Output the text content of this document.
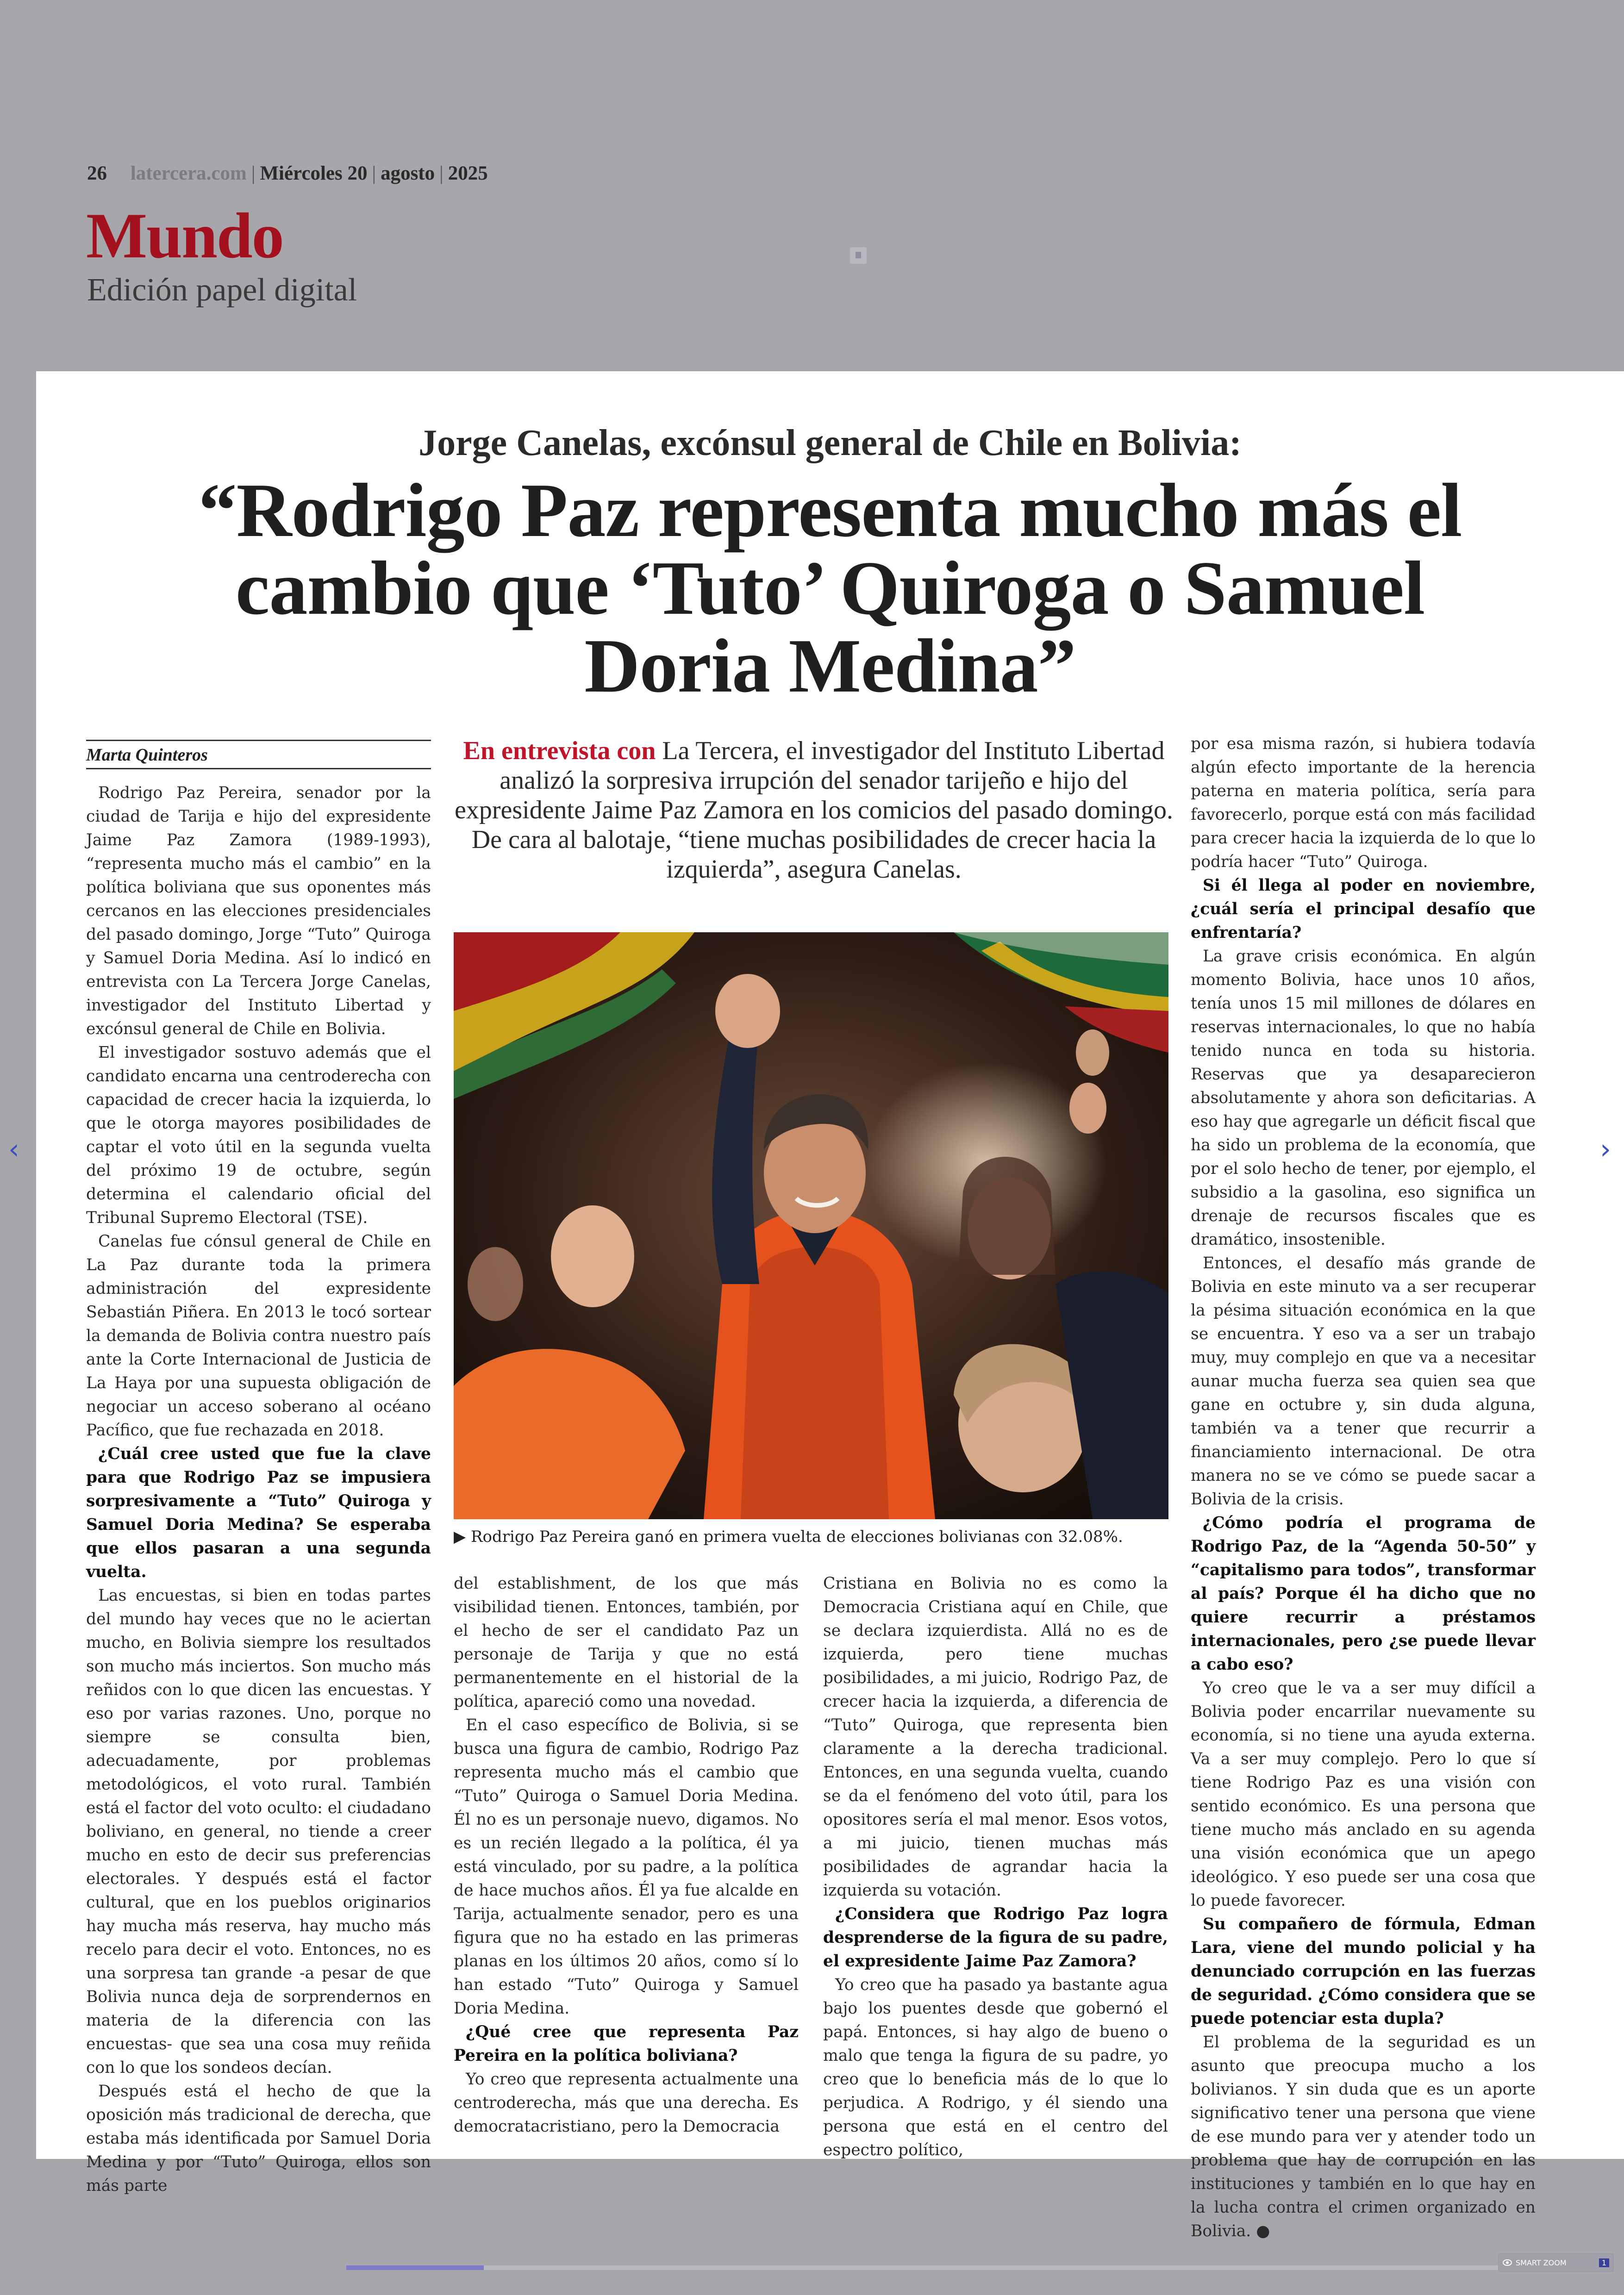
26 latercera.com | Miércoles 20 | agosto | 2025
Mundo
Edición papel digital
Jorge Canelas, excónsul general de Chile en Bolivia:
“Rodrigo Paz representa mucho más el cambio que ‘Tuto’ Quiroga o Samuel Doria Medina”
Marta Quinteros

Rodrigo Paz Pereira, senador por la ciudad de Tarija e hijo del expresidente Jaime Paz Zamora (1989-1993), “representa mucho más el cambio” en la política boliviana que sus oponentes más cercanos en las elecciones presidenciales del pasado domingo, Jorge “Tuto” Quiroga y Samuel Doria Medina. Así lo indicó en entrevista con La Tercera Jorge Canelas, investigador del Instituto Libertad y excónsul general de Chile en Bolivia.

El investigador sostuvo además que el candidato encarna una centroderecha con capacidad de crecer hacia la izquierda, lo que le otorga mayores posibilidades de captar el voto útil en la segunda vuelta del próximo 19 de octubre, según determina el calendario oficial del Tribunal Supremo Electoral (TSE).

Canelas fue cónsul general de Chile en La Paz durante toda la primera administración del expresidente Sebastián Piñera. En 2013 le tocó sortear la demanda de Bolivia contra nuestro país ante la Corte Internacional de Justicia de La Haya por una supuesta obligación de negociar un acceso soberano al océano Pacífico, que fue rechazada en 2018.

¿Cuál cree usted que fue la clave para que Rodrigo Paz se impusiera sorpresivamente a “Tuto” Quiroga y Samuel Doria Medina? Se esperaba que ellos pasaran a una segunda vuelta.

Las encuestas, si bien en todas partes del mundo hay veces que no le aciertan mucho, en Bolivia siempre los resultados son mucho más inciertos. Son mucho más reñidos con lo que dicen las encuestas. Y eso por varias razones. Uno, porque no siempre se consulta bien, adecuadamente, por problemas metodológicos, el voto rural. También está el factor del voto oculto: el ciudadano boliviano, en general, no tiende a creer mucho en esto de decir sus preferencias electorales. Y después está el factor cultural, que en los pueblos originarios hay mucha más reserva, hay mucho más recelo para decir el voto. Entonces, no es una sorpresa tan grande -a pesar de que Bolivia nunca deja de sorprendernos en materia de la diferencia con las encuestas- que sea una cosa muy reñida con lo que los sondeos decían.

Después está el hecho de que la oposición más tradicional de derecha, que estaba más identificada por Samuel Doria Medina y por “Tuto” Quiroga, ellos son más parte

En entrevista con La Tercera, el investigador del Instituto Libertad analizó la sorpresiva irrupción del senador tarijeño e hijo del expresidente Jaime Paz Zamora en los comicios del pasado domingo. De cara al balotaje, “tiene muchas posibilidades de crecer hacia la izquierda”, asegura Canelas.
▶ Rodrigo Paz Pereira ganó en primera vuelta de elecciones bolivianas con 32.08%.

del establishment, de los que más visibilidad tienen. Entonces, también, por el hecho de ser el candidato Paz un personaje de Tarija y que no está permanentemente en el historial de la política, apareció como una novedad.

En el caso específico de Bolivia, si se busca una figura de cambio, Rodrigo Paz representa mucho más el cambio que “Tuto” Quiroga o Samuel Doria Medina. Él no es un personaje nuevo, digamos. No es un recién llegado a la política, él ya está vinculado, por su padre, a la política de hace muchos años. Él ya fue alcalde en Tarija, actualmente senador, pero es una figura que no ha estado en las primeras planas en los últimos 20 años, como sí lo han estado “Tuto” Quiroga y Samuel Doria Medina.

¿Qué cree que representa Paz Pereira en la política boliviana?

Yo creo que representa actualmente una centroderecha, más que una derecha. Es democratacristiano, pero la Democracia

Cristiana en Bolivia no es como la Democracia Cristiana aquí en Chile, que se declara izquierdista. Allá no es de izquierda, pero tiene muchas posibilidades, a mi juicio, Rodrigo Paz, de crecer hacia la izquierda, a diferencia de “Tuto” Quiroga, que representa bien claramente a la derecha tradicional. Entonces, en una segunda vuelta, cuando se da el fenómeno del voto útil, para los opositores sería el mal menor. Esos votos, a mi juicio, tienen muchas más posibilidades de agrandar hacia la izquierda su votación.

¿Considera que Rodrigo Paz logra desprenderse de la figura de su padre, el expresidente Jaime Paz Zamora?

Yo creo que ha pasado ya bastante agua bajo los puentes desde que gobernó el papá. Entonces, si hay algo de bueno o malo que tenga la figura de su padre, yo creo que lo beneficia más de lo que lo perjudica. A Rodrigo, y él siendo una persona que está en el centro del espectro político,

por esa misma razón, si hubiera todavía algún efecto importante de la herencia paterna en materia política, sería para favorecerlo, porque está con más facilidad para crecer hacia la izquierda de lo que lo podría hacer “Tuto” Quiroga.

Si él llega al poder en noviembre, ¿cuál sería el principal desafío que enfrentaría?

La grave crisis económica. En algún momento Bolivia, hace unos 10 años, tenía unos 15 mil millones de dólares en reservas internacionales, lo que no había tenido nunca en toda su historia. Reservas que ya desaparecieron absolutamente y ahora son deficitarias. A eso hay que agregarle un déficit fiscal que ha sido un problema de la economía, que por el solo hecho de tener, por ejemplo, el subsidio a la gasolina, eso significa un drenaje de recursos fiscales que es dramático, insostenible.

Entonces, el desafío más grande de Bolivia en este minuto va a ser recuperar la pésima situación económica en la que se encuentra. Y eso va a ser un trabajo muy, muy complejo en que va a necesitar aunar mucha fuerza sea quien sea que gane en octubre y, sin duda alguna, también va a tener que recurrir a financiamiento internacional. De otra manera no se ve cómo se puede sacar a Bolivia de la crisis.

¿Cómo podría el programa de Rodrigo Paz, de la “Agenda 50-50” y “capitalismo para todos”, transformar al país? Porque él ha dicho que no quiere recurrir a préstamos internacionales, pero ¿se puede llevar a cabo eso?

Yo creo que le va a ser muy difícil a Bolivia poder encarrilar nuevamente su economía, si no tiene una ayuda externa. Va a ser muy complejo. Pero lo que sí tiene Rodrigo Paz es una visión con sentido económico. Es una persona que tiene mucho más anclado en su agenda una visión económica que un apego ideológico. Y eso puede ser una cosa que lo puede favorecer.

Su compañero de fórmula, Edman Lara, viene del mundo policial y ha denunciado corrupción en las fuerzas de seguridad. ¿Cómo considera que se puede potenciar esta dupla?

El problema de la seguridad es un asunto que preocupa mucho a los bolivianos. Y sin duda que es un aporte significativo tener una persona que viene de ese mundo para ver y atender todo un problema que hay de corrupción en las instituciones y también en lo que hay en la lucha contra el crimen organizado en Bolivia. ●

‹	›
SMART ZOOM	1
